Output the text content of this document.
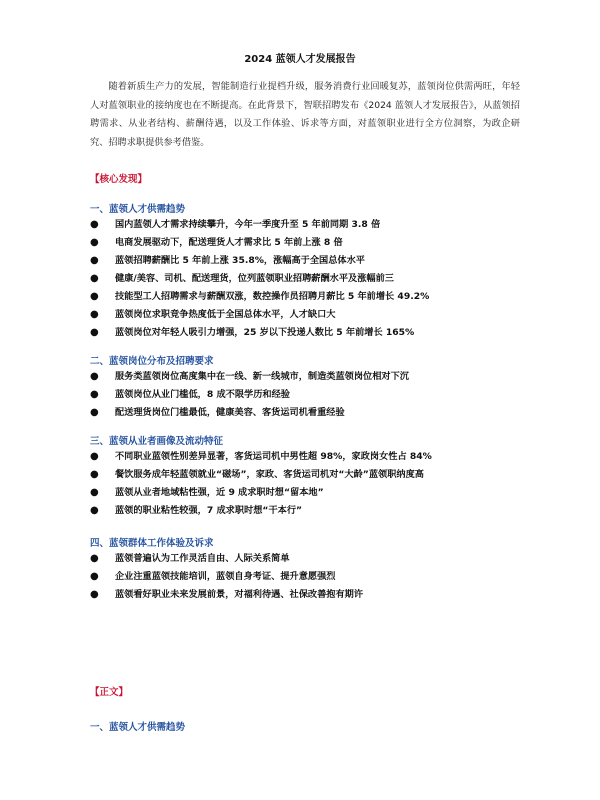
2024 蓝领人才发展报告
随着新质生产力的发展，智能制造行业提档升级，服务消费行业回暖复苏，蓝领岗位供需两旺，年轻人对蓝领职业的接纳度也在不断提高。在此背景下，智联招聘发布《2024 蓝领人才发展报告》，从蓝领招聘需求、从业者结构、薪酬待遇，以及工作体验、诉求等方面，对蓝领职业进行全方位洞察，为政企研究、招聘求职提供参考借鉴。
【核心发现】
一、蓝领人才供需趋势
● 国内蓝领人才需求持续攀升，今年一季度升至 5 年前同期 3.8 倍
● 电商发展驱动下，配送理货人才需求比 5 年前上涨 8 倍
● 蓝领招聘薪酬比 5 年前上涨 35.8%，涨幅高于全国总体水平
● 健康/美容、司机、配送理货，位列蓝领职业招聘薪酬水平及涨幅前三
● 技能型工人招聘需求与薪酬双涨，数控操作员招聘月薪比 5 年前增长 49.2%
● 蓝领岗位求职竞争热度低于全国总体水平，人才缺口大
● 蓝领岗位对年轻人吸引力增强，25 岁以下投递人数比 5 年前增长 165%
二、蓝领岗位分布及招聘要求
● 服务类蓝领岗位高度集中在一线、新一线城市，制造类蓝领岗位相对下沉
● 蓝领岗位从业门槛低，8 成不限学历和经验
● 配送理货岗位门槛最低，健康美容、客货运司机看重经验
三、蓝领从业者画像及流动特征
● 不同职业蓝领性别差异显著，客货运司机中男性超 98%，家政岗女性占 84%
● 餐饮服务成年轻蓝领就业“磁场”，家政、客货运司机对“大龄”蓝领职纳度高
● 蓝领从业者地域粘性强，近 9 成求职时想“留本地”
● 蓝领的职业粘性较强，7 成求职时想“干本行”
四、蓝领群体工作体验及诉求
● 蓝领普遍认为工作灵活自由、人际关系简单
● 企业注重蓝领技能培训，蓝领自身考证、提升意愿强烈
● 蓝领看好职业未来发展前景，对福利待遇、社保改善抱有期许
【正文】
一、蓝领人才供需趋势
